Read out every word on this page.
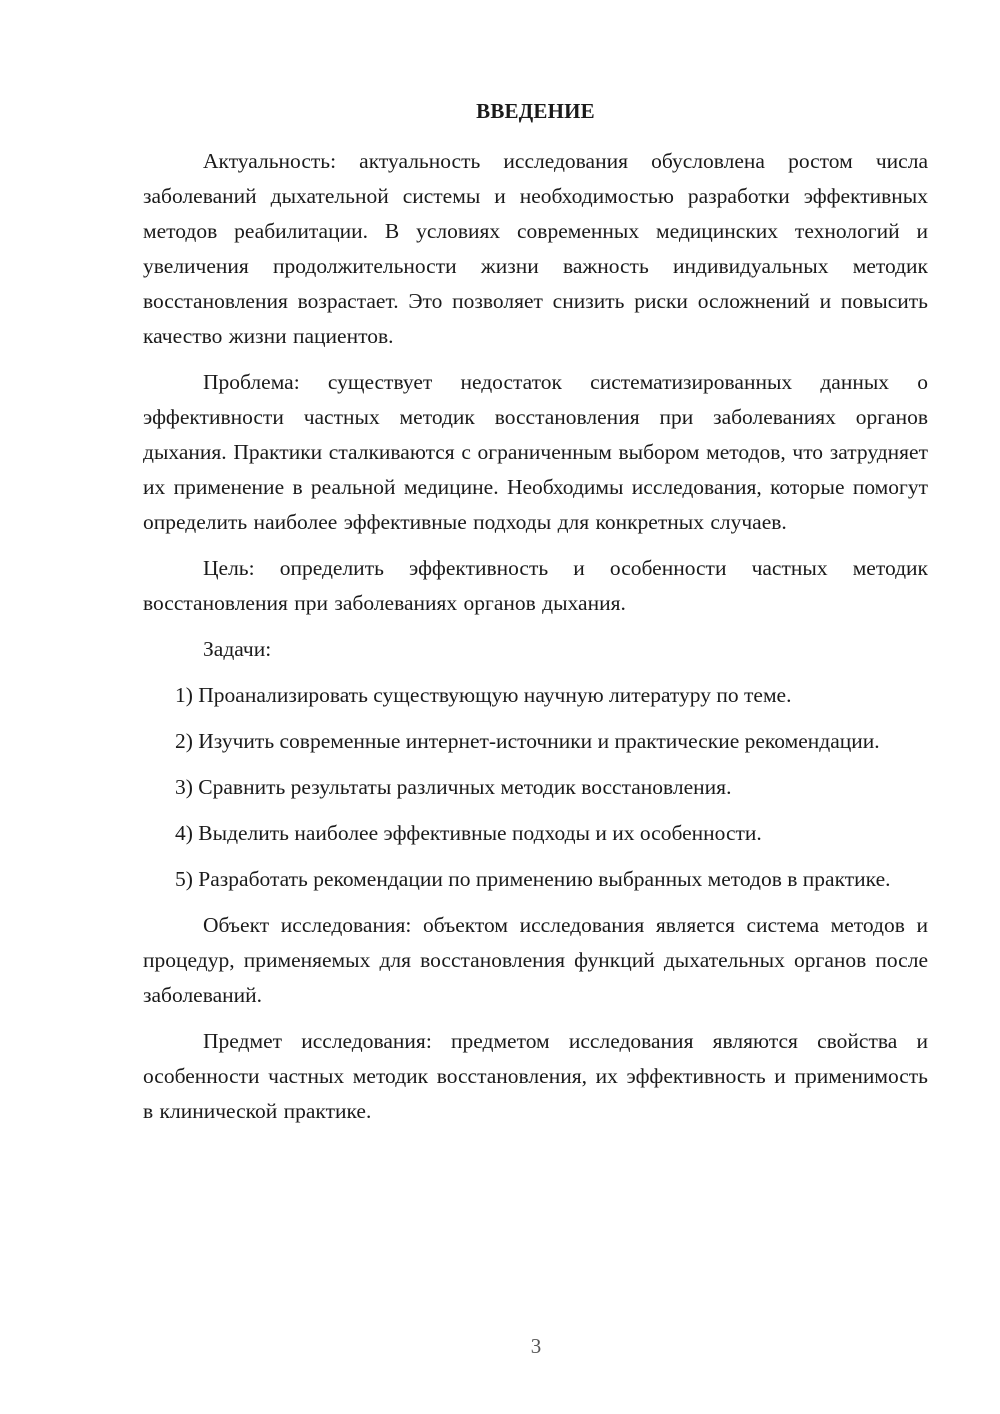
ВВЕДЕНИЕ

Актуальность: актуальность исследования обусловлена ростом числа заболеваний дыхательной системы и необходимостью разработки эффективных методов реабилитации. В условиях современных медицинских технологий и увеличения продолжительности жизни важность индивидуальных методик восстановления возрастает. Это позволяет снизить риски осложнений и повысить качество жизни пациентов.

Проблема: существует недостаток систематизированных данных о эффективности частных методик восстановления при заболеваниях органов дыхания. Практики сталкиваются с ограниченным выбором методов, что затрудняет их применение в реальной медицине. Необходимы исследования, которые помогут определить наиболее эффективные подходы для конкретных случаев.

Цель: определить эффективность и особенности частных методик восстановления при заболеваниях органов дыхания.

Задачи:

1) Проанализировать существующую научную литературу по теме.

2) Изучить современные интернет-источники и практические рекомендации.

3) Сравнить результаты различных методик восстановления.

4) Выделить наиболее эффективные подходы и их особенности.

5) Разработать рекомендации по применению выбранных методов в практике.

Объект исследования: объектом исследования является система методов и процедур, применяемых для восстановления функций дыхательных органов после заболеваний.

Предмет исследования: предметом исследования являются свойства и особенности частных методик восстановления, их эффективность и применимость в клинической практике.

3
